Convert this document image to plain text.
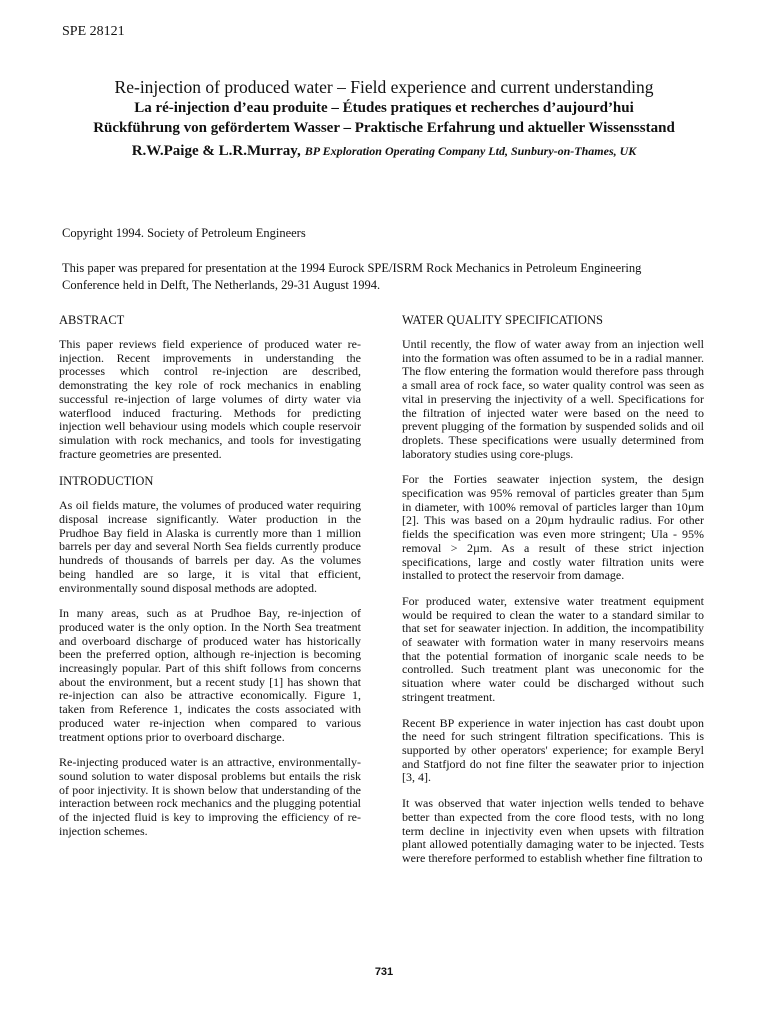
SPE 28121
Re-injection of produced water – Field experience and current understanding
La ré-injection d’eau produite – Études pratiques et recherches d’aujourd’hui
Rückführung von gefördertem Wasser – Praktische Erfahrung und aktueller Wissensstand
R.W.Paige & L.R.Murray, BP Exploration Operating Company Ltd, Sunbury-on-Thames, UK
Copyright 1994. Society of Petroleum Engineers
This paper was prepared for presentation at the 1994 Eurock SPE/ISRM Rock Mechanics in Petroleum Engineering Conference held in Delft, The Netherlands, 29-31 August 1994.
ABSTRACT

This paper reviews field experience of produced water re-injection. Recent improvements in understanding the processes which control re-injection are described, demonstrating the key role of rock mechanics in enabling successful re-injection of large volumes of dirty water via waterflood induced fracturing. Methods for predicting injection well behaviour using models which couple reservoir simulation with rock mechanics, and tools for investigating fracture geometries are presented.

INTRODUCTION

As oil fields mature, the volumes of produced water requiring disposal increase significantly. Water production in the Prudhoe Bay field in Alaska is currently more than 1 million barrels per day and several North Sea fields currently produce hundreds of thousands of barrels per day. As the volumes being handled are so large, it is vital that efficient, environmentally sound disposal methods are adopted.

In many areas, such as at Prudhoe Bay, re-injection of produced water is the only option. In the North Sea treatment and overboard discharge of produced water has historically been the preferred option, although re-injection is becoming increasingly popular. Part of this shift follows from concerns about the environment, but a recent study [1] has shown that re-injection can also be attractive economically. Figure 1, taken from Reference 1, indicates the costs associated with produced water re-injection when compared to various treatment options prior to overboard discharge.

Re-injecting produced water is an attractive, environmentally-sound solution to water disposal problems but entails the risk of poor injectivity. It is shown below that understanding of the interaction between rock mechanics and the plugging potential of the injected fluid is key to improving the efficiency of re-injection schemes.

WATER QUALITY SPECIFICATIONS

Until recently, the flow of water away from an injection well into the formation was often assumed to be in a radial manner. The flow entering the formation would therefore pass through a small area of rock face, so water quality control was seen as vital in preserving the injectivity of a well. Specifications for the filtration of injected water were based on the need to prevent plugging of the formation by suspended solids and oil droplets. These specifications were usually determined from laboratory studies using core-plugs.

For the Forties seawater injection system, the design specification was 95% removal of particles greater than 5µm in diameter, with 100% removal of particles larger than 10µm [2]. This was based on a 20µm hydraulic radius. For other fields the specification was even more stringent; Ula - 95% removal > 2µm. As a result of these strict injection specifications, large and costly water filtration units were installed to protect the reservoir from damage.

For produced water, extensive water treatment equipment would be required to clean the water to a standard similar to that set for seawater injection. In addition, the incompatibility of seawater with formation water in many reservoirs means that the potential formation of inorganic scale needs to be controlled. Such treatment plant was uneconomic for the situation where water could be discharged without such stringent treatment.

Recent BP experience in water injection has cast doubt upon the need for such stringent filtration specifications. This is supported by other operators' experience; for example Beryl and Statfjord do not fine filter the seawater prior to injection [3, 4].

It was observed that water injection wells tended to behave better than expected from the core flood tests, with no long term decline in injectivity even when upsets with filtration plant allowed potentially damaging water to be injected. Tests were therefore performed to establish whether fine filtration to

731
